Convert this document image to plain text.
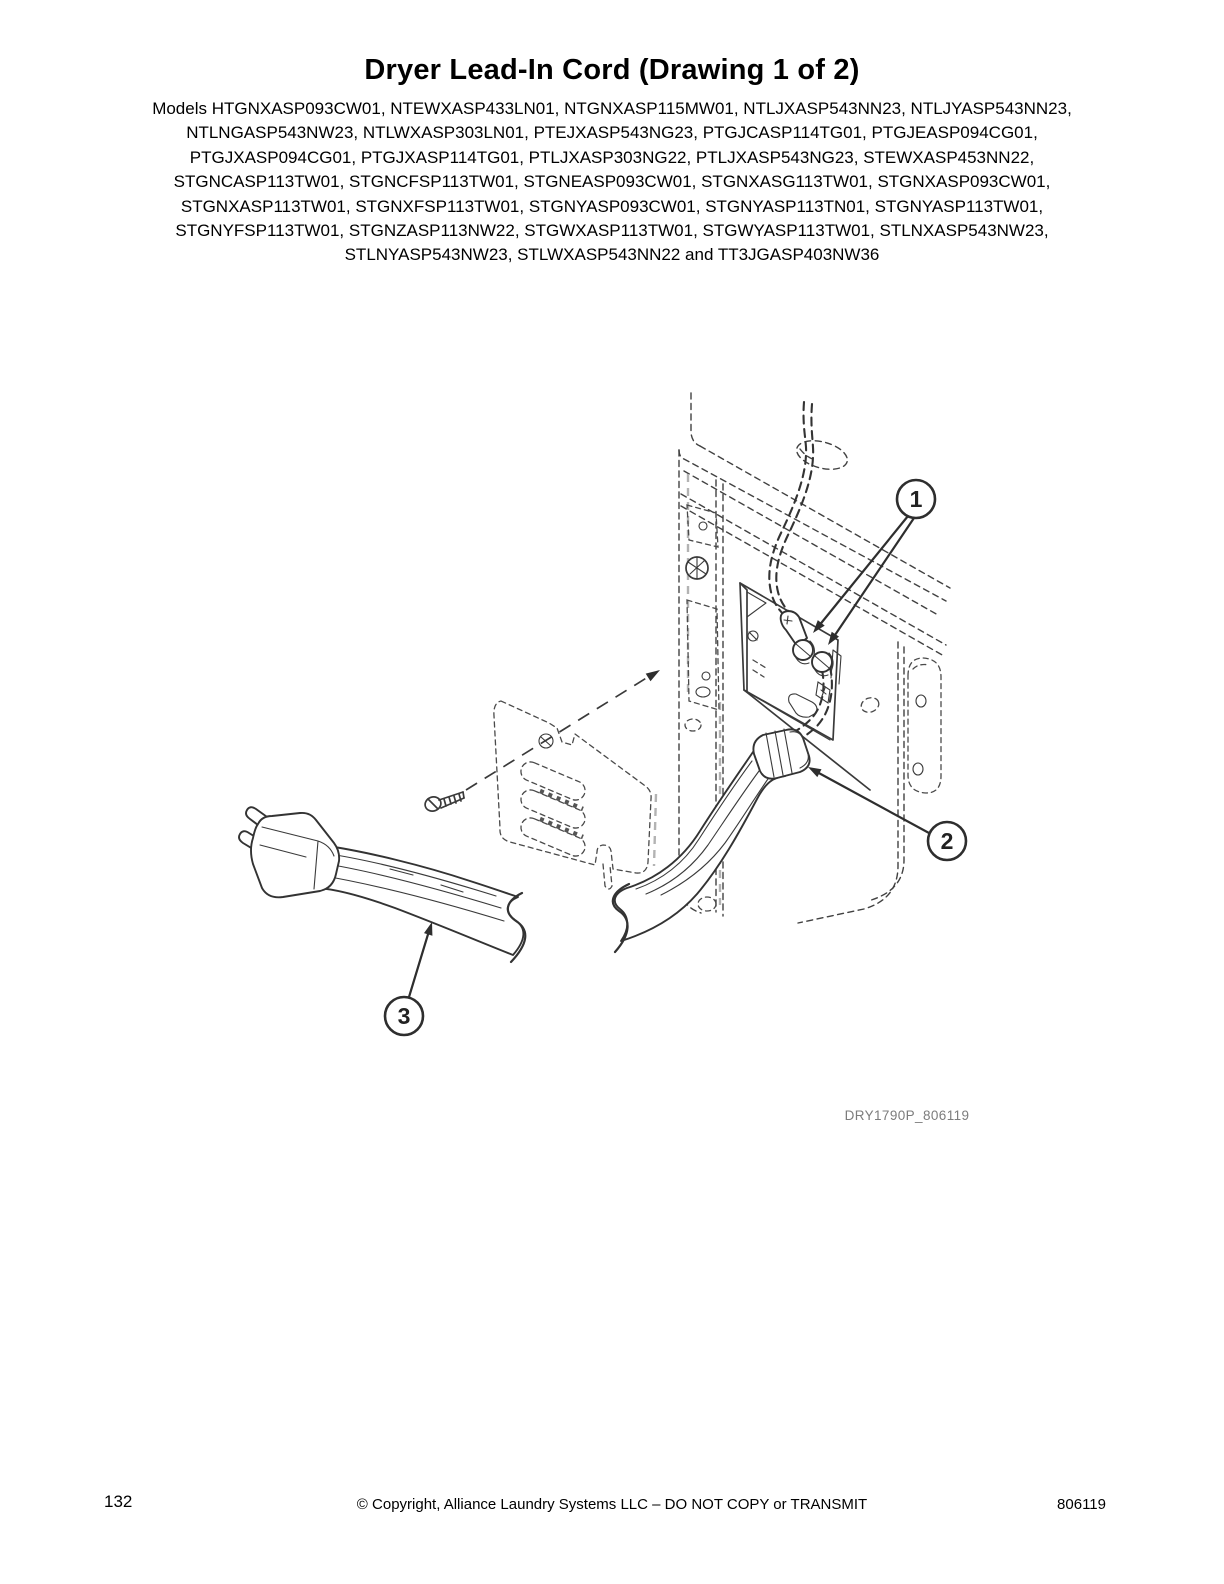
Dryer Lead-In Cord (Drawing 1 of 2)
Models HTGNXASP093CW01, NTEWXASP433LN01, NTGNXASP115MW01, NTLJXASP543NN23, NTLJYASP543NN23,
NTLNGASP543NW23, NTLWXASP303LN01, PTEJXASP543NG23, PTGJCASP114TG01, PTGJEASP094CG01,
PTGJXASP094CG01, PTGJXASP114TG01, PTLJXASP303NG22, PTLJXASP543NG23, STEWXASP453NN22,
STGNCASP113TW01, STGNCFSP113TW01, STGNEASP093CW01, STGNXASG113TW01, STGNXASP093CW01,
STGNXASP113TW01, STGNXFSP113TW01, STGNYASP093CW01, STGNYASP113TN01, STGNYASP113TW01,
STGNYFSP113TW01, STGNZASP113NW22, STGWXASP113TW01, STGWYASP113TW01, STLNXASP543NW23,
STLNYASP543NW23, STLWXASP543NN22 and TT3JGASP403NW36
1
2
3
DRY1790P_806119
132	© Copyright, Alliance Laundry Systems LLC – DO NOT COPY or TRANSMIT	806119
